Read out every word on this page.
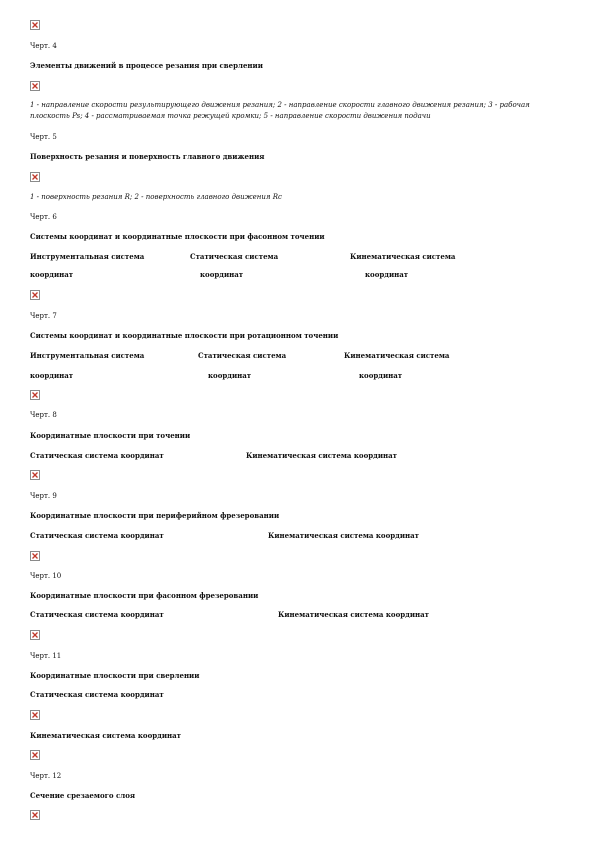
Черт. 4
Элементы движений в процессе резания при сверлении
1 - направление скорости результирующего движения резания; 2 - направление скорости главного движения резания; 3 - рабочая плоскость Ps; 4 - рассматриваемая точка режущей кромки; 5 - направление скорости движения подачи
Черт. 5
Поверхность резания и поверхность главного движения
1 - поверхность резания R; 2 - поверхность главного движения Rc
Черт. 6
Системы координат и координатные плоскости при фасонном точении
Инструментальная система	Статическая система	Кинематическая система
координат	координат	координат
Черт. 7
Системы координат и координатные плоскости при ротационном точении
Инструментальная система	Статическая система	Кинематическая система
координат	координат	координат
Черт. 8
Координатные плоскости при точении
Статическая система координат	Кинематическая система координат
Черт. 9
Координатные плоскости при периферийном фрезеровании
Статическая система координат	Кинематическая система координат
Черт. 10
Координатные плоскости при фасонном фрезеровании
Статическая система координат	Кинематическая система координат
Черт. 11
Координатные плоскости при сверлении
Статическая система координат
Кинематическая система координат
Черт. 12
Сечение срезаемого слоя
